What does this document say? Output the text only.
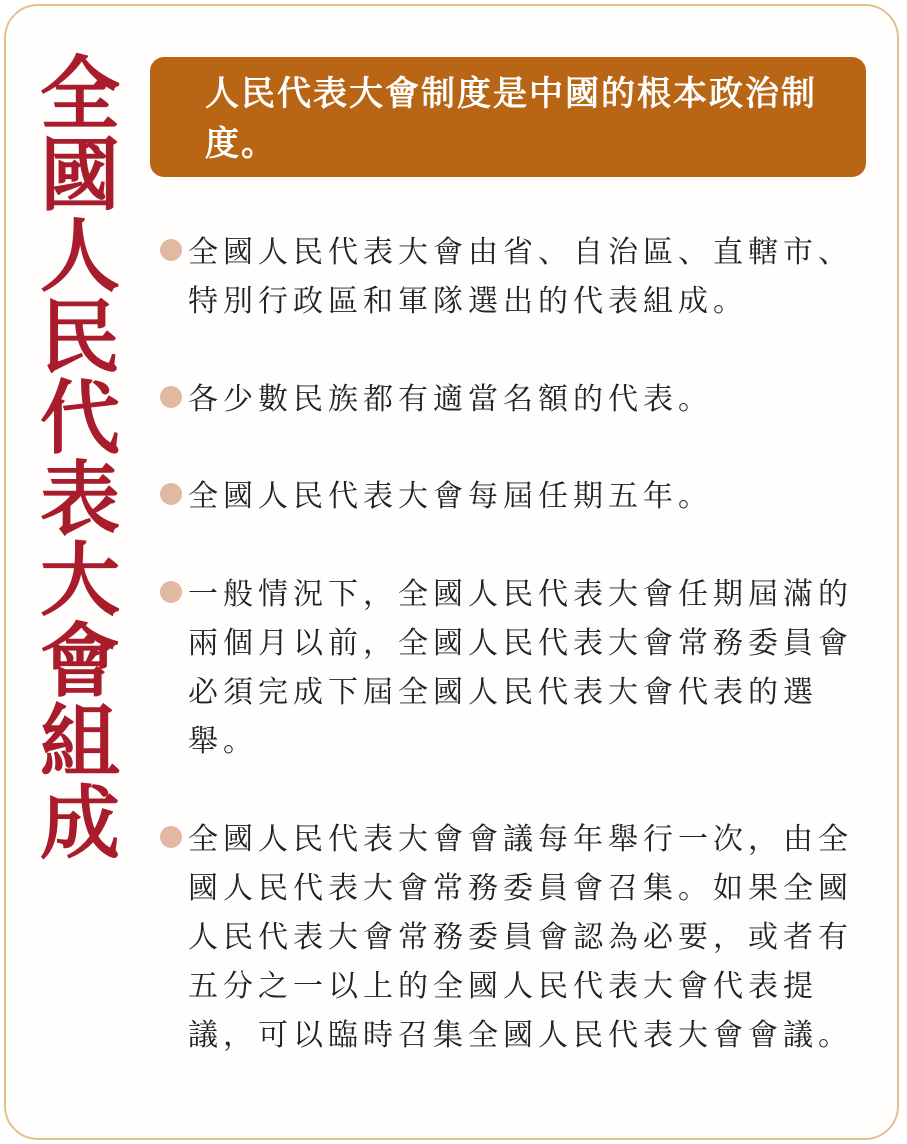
全
國
人
民
代
表
大
會
組
成
人民代表大會制度是中國的根本政治制度。
全國人民代表大會由省、自治區、直轄市、特別行政區和軍隊選出的代表組成。
各少數民族都有適當名額的代表。
全國人民代表大會每屆任期五年。
一般情況下，全國人民代表大會任期屆滿的兩個月以前，全國人民代表大會常務委員會必須完成下屆全國人民代表大會代表的選舉。
全國人民代表大會會議每年舉行一次，由全國人民代表大會常務委員會召集。如果全國人民代表大會常務委員會認為必要，或者有五分之一以上的全國人民代表大會代表提議，可以臨時召集全國人民代表大會會議。
